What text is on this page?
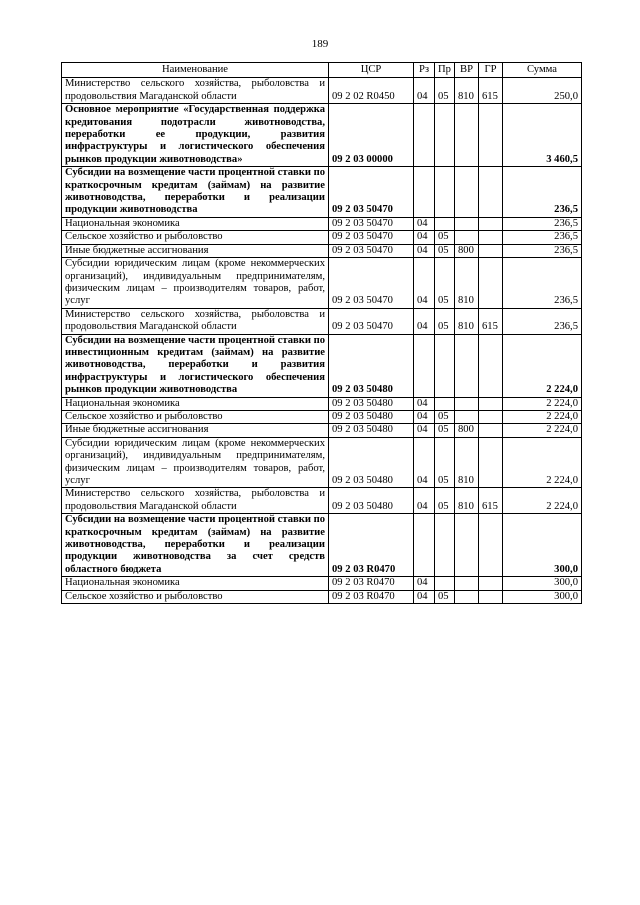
189
Наименование	ЦСР	Рз	Пр	ВР	ГР	Сумма
Министерство сельского хозяйства, рыболовства и продовольствия Магаданской области	09 2 02 R0450	04	05	810	615	250,0
Основное мероприятие «Государственная поддержка кредитования подотрасли животноводства, переработки ее продукции, развития инфраструктуры и логистического обеспечения рынков продукции животноводства»	09 2 03 00000					3 460,5
Субсидии на возмещение части процентной ставки по краткосрочным кредитам (займам) на развитие животноводства, переработки и реализации продукции животноводства	09 2 03 50470					236,5
Национальная экономика	09 2 03 50470	04				236,5
Сельское хозяйство и рыболовство	09 2 03 50470	04	05			236,5
Иные бюджетные ассигнования	09 2 03 50470	04	05	800		236,5
Субсидии юридическим лицам (кроме некоммерческих организаций), индивидуальным предпринимателям, физическим лицам – производителям товаров, работ, услуг	09 2 03 50470	04	05	810		236,5
Министерство сельского хозяйства, рыболовства и продовольствия Магаданской области	09 2 03 50470	04	05	810	615	236,5
Субсидии на возмещение части процентной ставки по инвестиционным кредитам (займам) на развитие животноводства, переработки и развития инфраструктуры и логистического обеспечения рынков продукции животноводства	09 2 03 50480					2 224,0
Национальная экономика	09 2 03 50480	04				2 224,0
Сельское хозяйство и рыболовство	09 2 03 50480	04	05			2 224,0
Иные бюджетные ассигнования	09 2 03 50480	04	05	800		2 224,0
Субсидии юридическим лицам (кроме некоммерческих организаций), индивидуальным предпринимателям, физическим лицам – производителям товаров, работ, услуг	09 2 03 50480	04	05	810		2 224,0
Министерство сельского хозяйства, рыболовства и продовольствия Магаданской области	09 2 03 50480	04	05	810	615	2 224,0
Субсидии на возмещение части процентной ставки по краткосрочным кредитам (займам) на развитие животноводства, переработки и реализации продукции животноводства за счет средств областного бюджета	09 2 03 R0470					300,0
Национальная экономика	09 2 03 R0470	04				300,0
Сельское хозяйство и рыболовство	09 2 03 R0470	04	05			300,0
